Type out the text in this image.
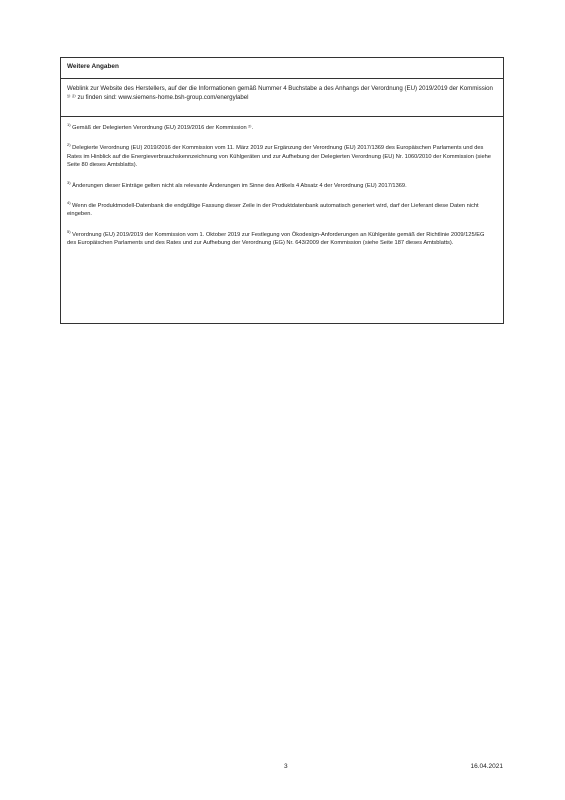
Weitere Angaben
Weblink zur Website des Herstellers, auf der die Informationen gemäß Nummer 4 Buchstabe a des Anhangs der Verordnung (EU) 2019/2019 der Kommission ¹⁾ ²⁾ zu finden sind: www.siemens-home.bsh-group.com/energylabel

$^{1)}$ Gemäß der Delegierten Verordnung (EU) 2019/2016 der Kommission ²⁾.

$^{2)}$ Delegierte Verordnung (EU) 2019/2016 der Kommission vom 11. März 2019 zur Ergänzung der Verordnung (EU) 2017/1369 des Europäischen Parlaments und des Rates im Hinblick auf die Energieverbrauchskennzeichnung von Kühlgeräten und zur Aufhebung der Delegierten Verordnung (EU) Nr. 1060/2010 der Kommission (siehe Seite 80 dieses Amtsblatts).

$^{3)}$ Änderungen dieser Einträge gelten nicht als relevante Änderungen im Sinne des Artikels 4 Absatz 4 der Verordnung (EU) 2017/1369.

$^{4)}$ Wenn die Produktmodell-Datenbank die endgültige Fassung dieser Zeile in der Produktdatenbank automatisch generiert wird, darf der Lieferant diese Daten nicht eingeben.

$^{5)}$ Verordnung (EU) 2019/2019 der Kommission vom 1. Oktober 2019 zur Festlegung von Ökodesign-Anforderungen an Kühlgeräte gemäß der Richtlinie 2009/125/EG des Europäischen Parlaments und des Rates und zur Aufhebung der Verordnung (EG) Nr. 643/2009 der Kommission (siehe Seite 187 dieses Amtsblatts).

3	16.04.2021
